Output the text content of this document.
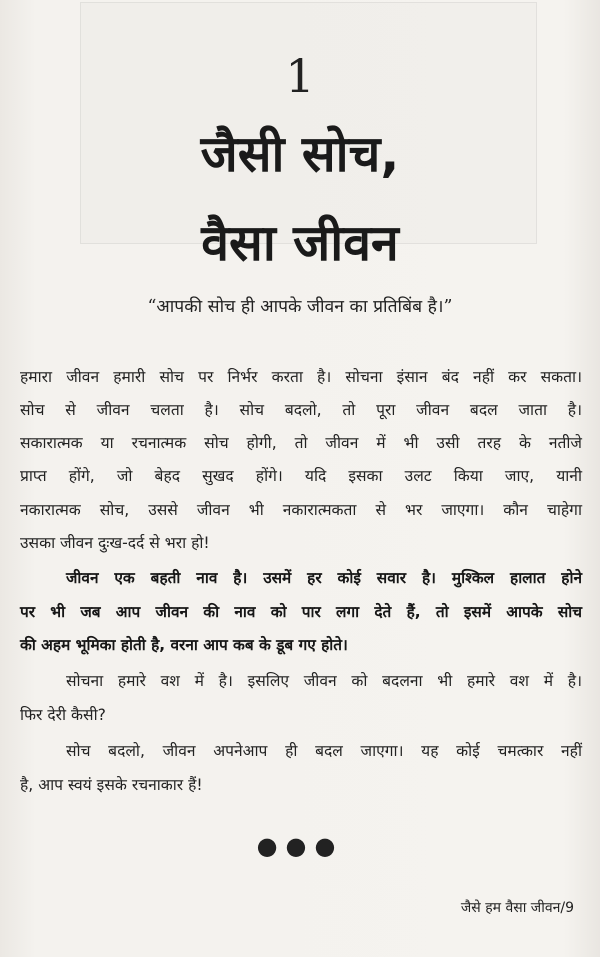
1
जैसी सोच,
वैसा जीवन
“आपकी सोच ही आपके जीवन का प्रतिबिंब है।”
हमारा जीवन हमारी सोच पर निर्भर करता है। सोचना इंसान बंद नहीं कर सकता।
सोच से जीवन चलता है। सोच बदलो, तो पूरा जीवन बदल जाता है।
सकारात्मक या रचनात्मक सोच होगी, तो जीवन में भी उसी तरह के नतीजे
प्राप्त होंगे, जो बेहद सुखद होंगे। यदि इसका उलट किया जाए, यानी
नकारात्मक सोच, उससे जीवन भी नकारात्मकता से भर जाएगा। कौन चाहेगा
उसका जीवन दुःख-दर्द से भरा हो!
जीवन एक बहती नाव है। उसमें हर कोई सवार है। मुश्किल हालात होने
पर भी जब आप जीवन की नाव को पार लगा देते हैं, तो इसमें आपके सोच
की अहम भूमिका होती है, वरना आप कब के डूब गए होते।
सोचना हमारे वश में है। इसलिए जीवन को बदलना भी हमारे वश में है।
फिर देरी कैसी?
सोच बदलो, जीवन अपनेआप ही बदल जाएगा। यह कोई चमत्कार नहीं
है, आप स्वयं इसके रचनाकार हैं!
●●●
जैसे हम वैसा जीवन/9
